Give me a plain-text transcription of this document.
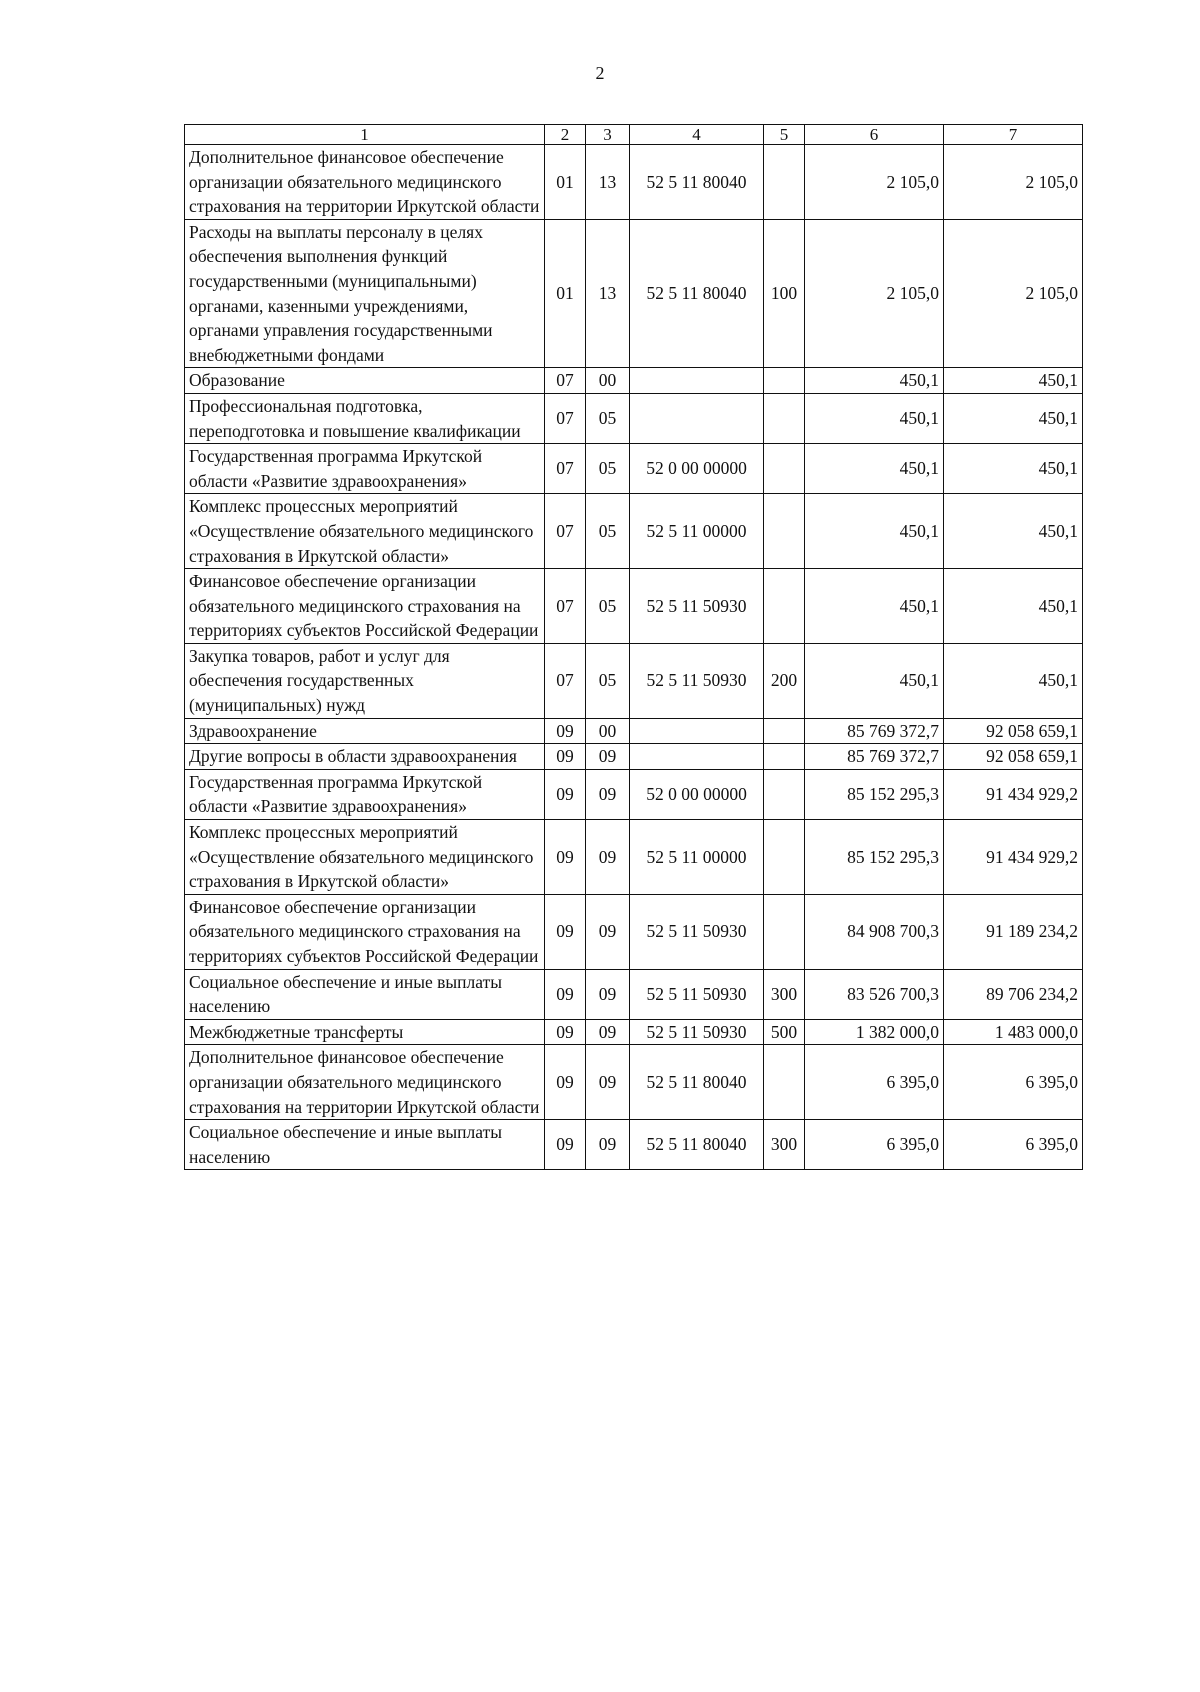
2
1	2	3	4	5	6	7
Дополнительное финансовое обеспечение организации обязательного медицинского страхования на территории Иркутской области	01	13	52 5 11 80040		2 105,0	2 105,0
Расходы на выплаты персоналу в целях обеспечения выполнения функций государственными (муниципальными) органами, казенными учреждениями, органами управления государственными внебюджетными фондами	01	13	52 5 11 80040	100	2 105,0	2 105,0
Образование	07	00			450,1	450,1
Профессиональная подготовка, переподготовка и повышение квалификации	07	05			450,1	450,1
Государственная программа Иркутской области «Развитие здравоохранения»	07	05	52 0 00 00000		450,1	450,1
Комплекс процессных мероприятий «Осуществление обязательного медицинского страхования в Иркутской области»	07	05	52 5 11 00000		450,1	450,1
Финансовое обеспечение организации обязательного медицинского страхования на территориях субъектов Российской Федерации	07	05	52 5 11 50930		450,1	450,1
Закупка товаров, работ и услуг для обеспечения государственных (муниципальных) нужд	07	05	52 5 11 50930	200	450,1	450,1
Здравоохранение	09	00			85 769 372,7	92 058 659,1
Другие вопросы в области здравоохранения	09	09			85 769 372,7	92 058 659,1
Государственная программа Иркутской области «Развитие здравоохранения»	09	09	52 0 00 00000		85 152 295,3	91 434 929,2
Комплекс процессных мероприятий «Осуществление обязательного медицинского страхования в Иркутской области»	09	09	52 5 11 00000		85 152 295,3	91 434 929,2
Финансовое обеспечение организации обязательного медицинского страхования на территориях субъектов Российской Федерации	09	09	52 5 11 50930		84 908 700,3	91 189 234,2
Социальное обеспечение и иные выплаты населению	09	09	52 5 11 50930	300	83 526 700,3	89 706 234,2
Межбюджетные трансферты	09	09	52 5 11 50930	500	1 382 000,0	1 483 000,0
Дополнительное финансовое обеспечение организации обязательного медицинского страхования на территории Иркутской области	09	09	52 5 11 80040		6 395,0	6 395,0
Социальное обеспечение и иные выплаты населению	09	09	52 5 11 80040	300	6 395,0	6 395,0
